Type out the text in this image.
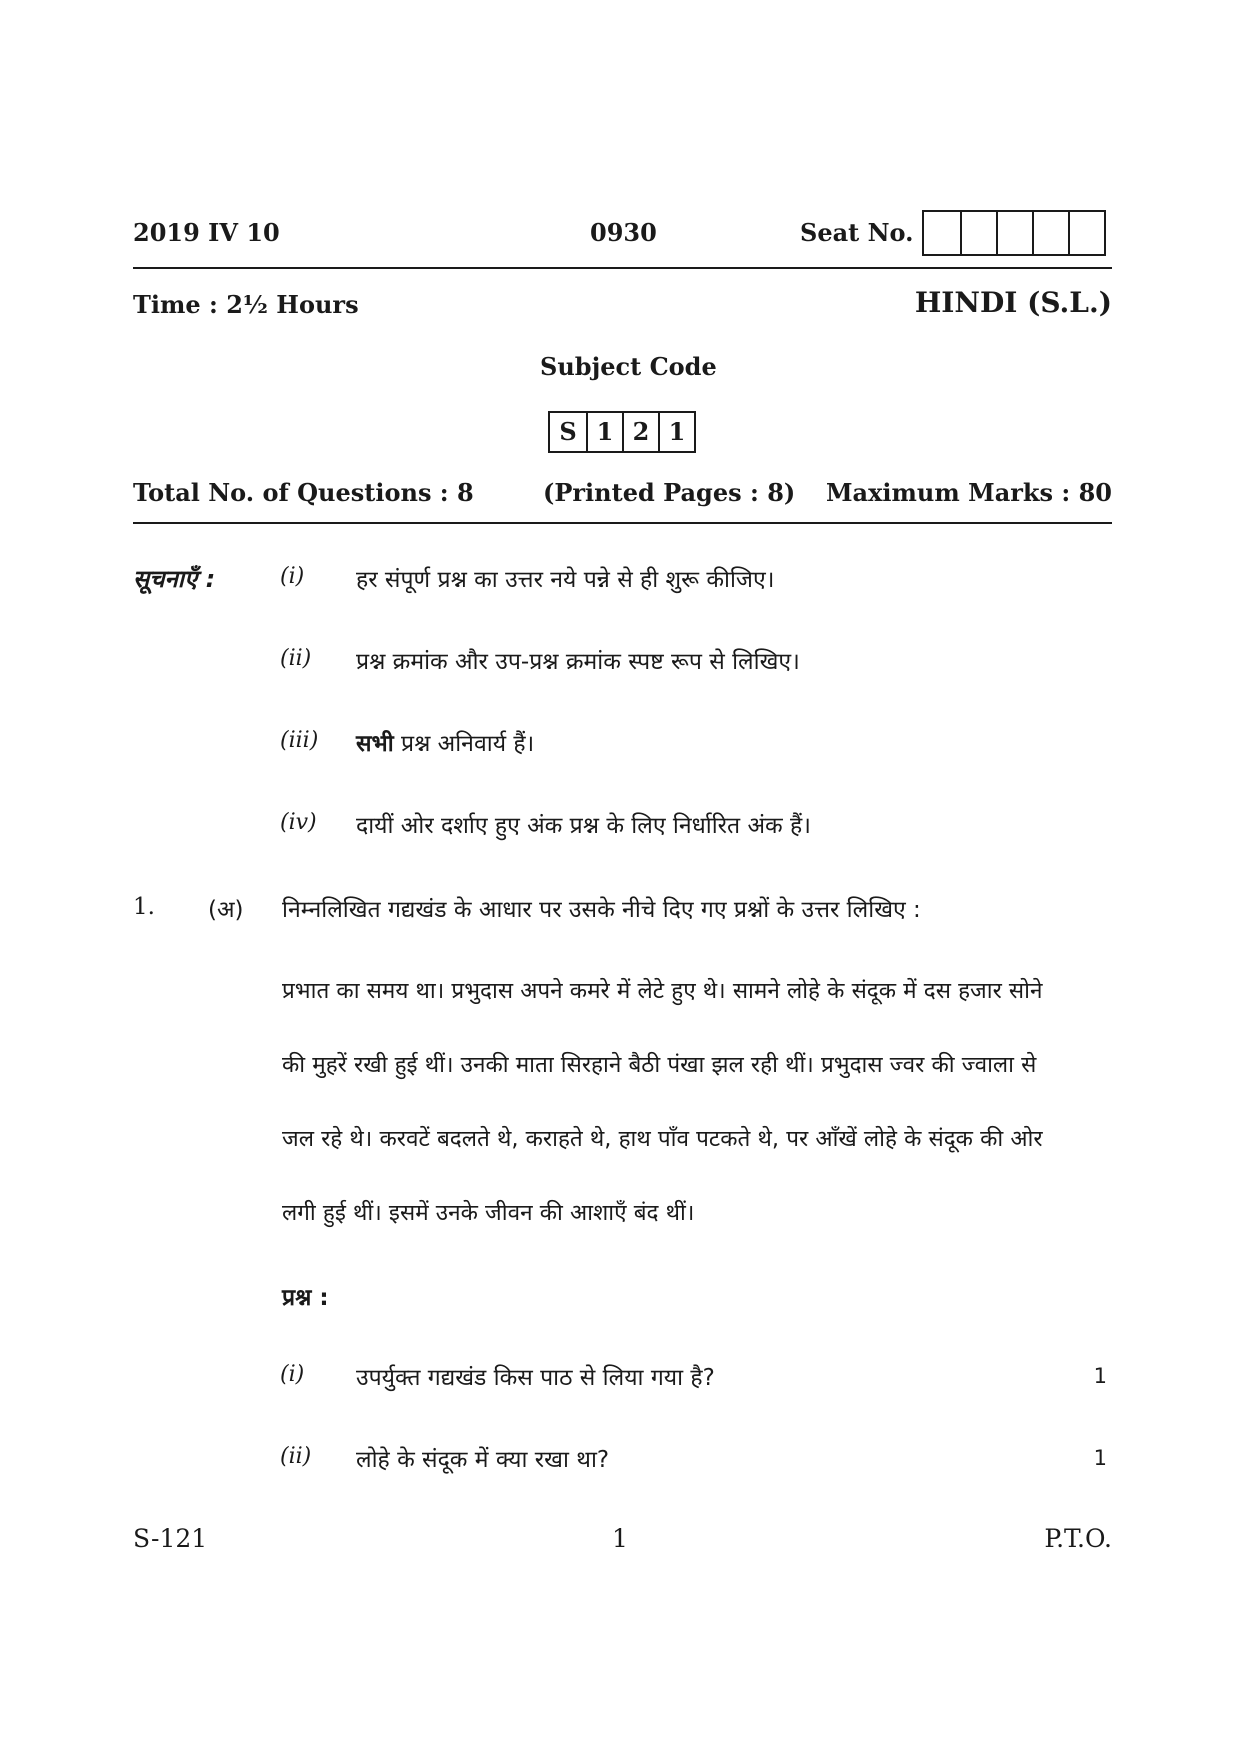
2019 IV 10	0930	Seat No.
Time : 2½ Hours	HINDI (S.L.)
Subject Code
S 1 2 1
Total No. of Questions : 8	(Printed Pages : 8) Maximum Marks : 80
सूचनाएँ :	(i) हर संपूर्ण प्रश्न का उत्तर नये पन्ने से ही शुरू कीजिए।
(ii) प्रश्न क्रमांक और उप-प्रश्न क्रमांक स्पष्ट रूप से लिखिए।
(iii) सभी प्रश्न अनिवार्य हैं।
(iv) दायीं ओर दर्शाए हुए अंक प्रश्न के लिए निर्धारित अंक हैं।
1. (अ) निम्नलिखित गद्यखंड के आधार पर उसके नीचे दिए गए प्रश्नों के उत्तर लिखिए :
प्रभात का समय था। प्रभुदास अपने कमरे में लेटे हुए थे। सामने लोहे के संदूक में दस हजार सोने
की मुहरें रखी हुई थीं। उनकी माता सिरहाने बैठी पंखा झल रही थीं। प्रभुदास ज्वर की ज्वाला से
जल रहे थे। करवटें बदलते थे, कराहते थे, हाथ पाँव पटकते थे, पर आँखें लोहे के संदूक की ओर
लगी हुई थीं। इसमें उनके जीवन की आशाएँ बंद थीं।
प्रश्न :
(i) उपर्युक्त गद्यखंड किस पाठ से लिया गया है?	1
(ii) लोहे के संदूक में क्या रखा था?	1
S-121	1	P.T.O.
